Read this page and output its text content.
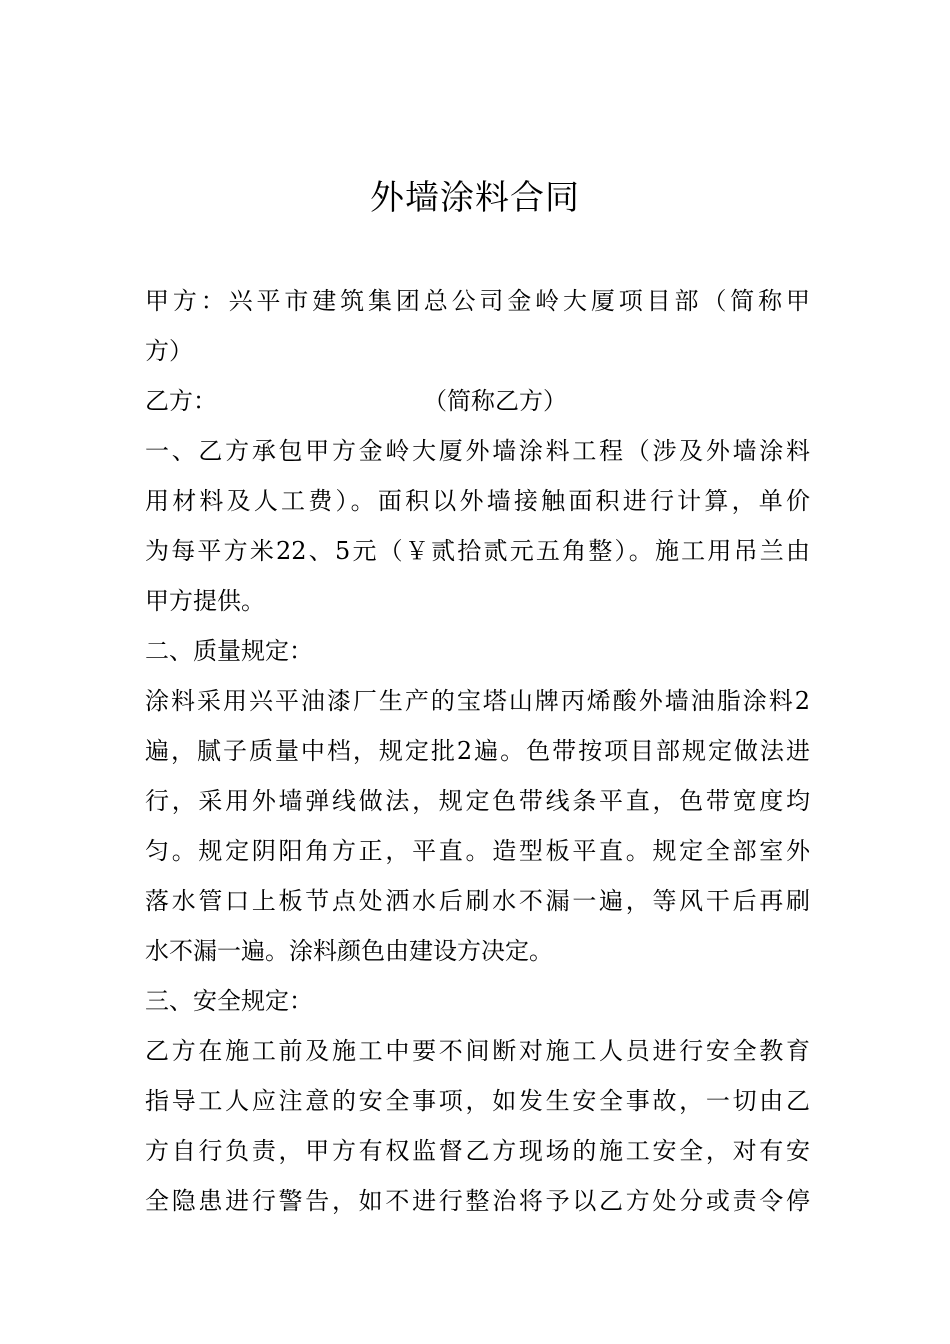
外墙涂料合同
甲方：兴平市建筑集团总公司金岭大厦项目部（简称甲
方）
乙方：	（简称乙方）
一、乙方承包甲方金岭大厦外墙涂料工程（涉及外墙涂料
用材料及人工费）。面积以外墙接触面积进行计算，单价
为每平方米22、5元（￥贰拾贰元五角整）。施工用吊兰由
甲方提供。
二、质量规定：
涂料采用兴平油漆厂生产的宝塔山牌丙烯酸外墙油脂涂料2
遍，腻子质量中档，规定批2遍。色带按项目部规定做法进
行，采用外墙弹线做法，规定色带线条平直，色带宽度均
匀。规定阴阳角方正，平直。造型板平直。规定全部室外
落水管口上板节点处洒水后刷水不漏一遍，等风干后再刷
水不漏一遍。涂料颜色由建设方决定。
三、安全规定：
乙方在施工前及施工中要不间断对施工人员进行安全教育
指导工人应注意的安全事项，如发生安全事故，一切由乙
方自行负责，甲方有权监督乙方现场的施工安全，对有安
全隐患进行警告，如不进行整治将予以乙方处分或责令停
